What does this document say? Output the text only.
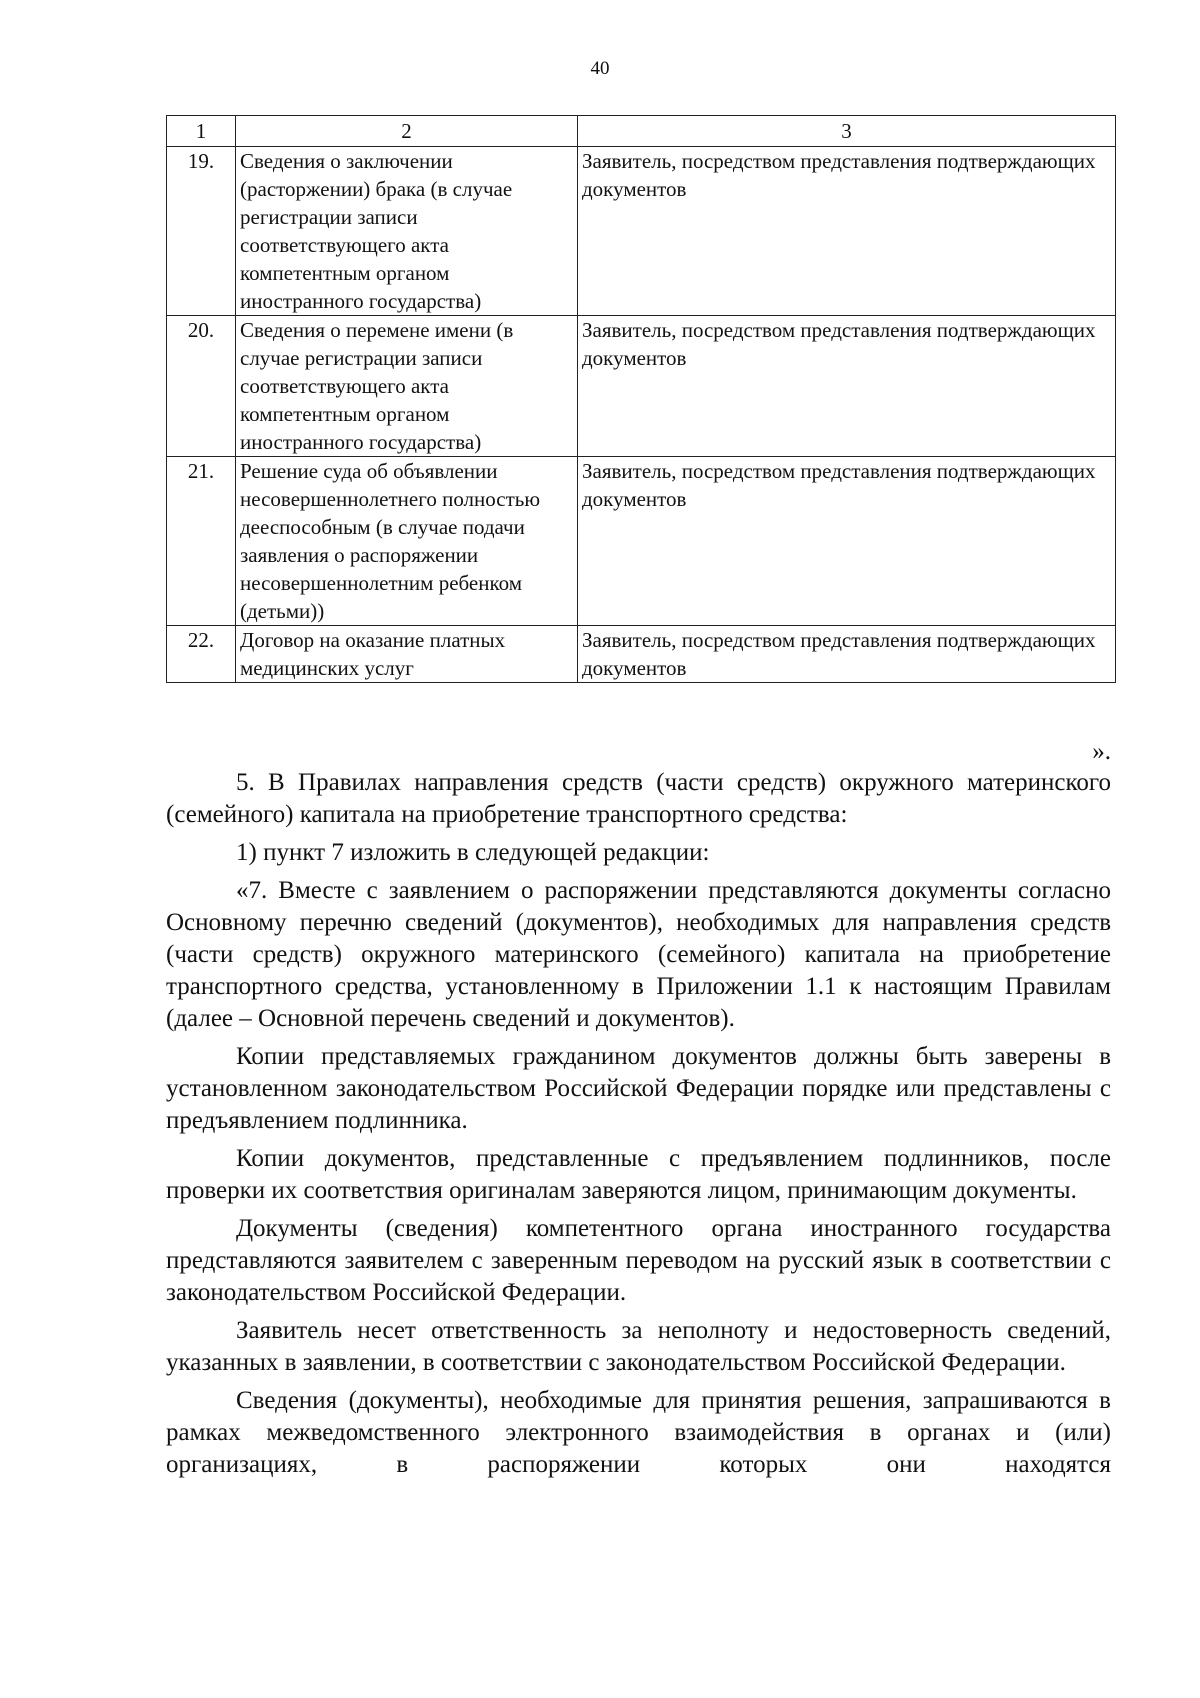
40
1	2	3
19.	Сведения о заключении (расторжении) брака (в случае регистрации записи соответствующего акта компетентным органом иностранного государства)	Заявитель, посредством представления подтверждающих документов
20.	Сведения о перемене имени (в случае регистрации записи соответствующего акта компетентным органом иностранного государства)	Заявитель, посредством представления подтверждающих документов
21.	Решение суда об объявлении несовершеннолетнего полностью дееспособным (в случае подачи заявления о распоряжении несовершеннолетним ребенком (детьми))	Заявитель, посредством представления подтверждающих документов
22.	Договор на оказание платных медицинских услуг	Заявитель, посредством представления подтверждающих документов
».

5. В Правилах направления средств (части средств) окружного материнского (семейного) капитала на приобретение транспортного средства:

1) пункт 7 изложить в следующей редакции:

«7. Вместе с заявлением о распоряжении представляются документы согласно Основному перечню сведений (документов), необходимых для направления средств (части средств) окружного материнского (семейного) капитала на приобретение транспортного средства, установленному в Приложении 1.1 к настоящим Правилам (далее – Основной перечень сведений и документов).

Копии представляемых гражданином документов должны быть заверены в установленном законодательством Российской Федерации порядке или представлены с предъявлением подлинника.

Копии документов, представленные с предъявлением подлинников, после проверки их соответствия оригиналам заверяются лицом, принимающим документы.

Документы (сведения) компетентного органа иностранного государства представляются заявителем с заверенным переводом на русский язык в соответствии с законодательством Российской Федерации.

Заявитель несет ответственность за неполноту и недостоверность сведений, указанных в заявлении, в соответствии с законодательством Российской Федерации.

Сведения (документы), необходимые для принятия решения, запрашиваются в рамках межведомственного электронного взаимодействия в органах и (или) организациях, в распоряжении которых они находятся
